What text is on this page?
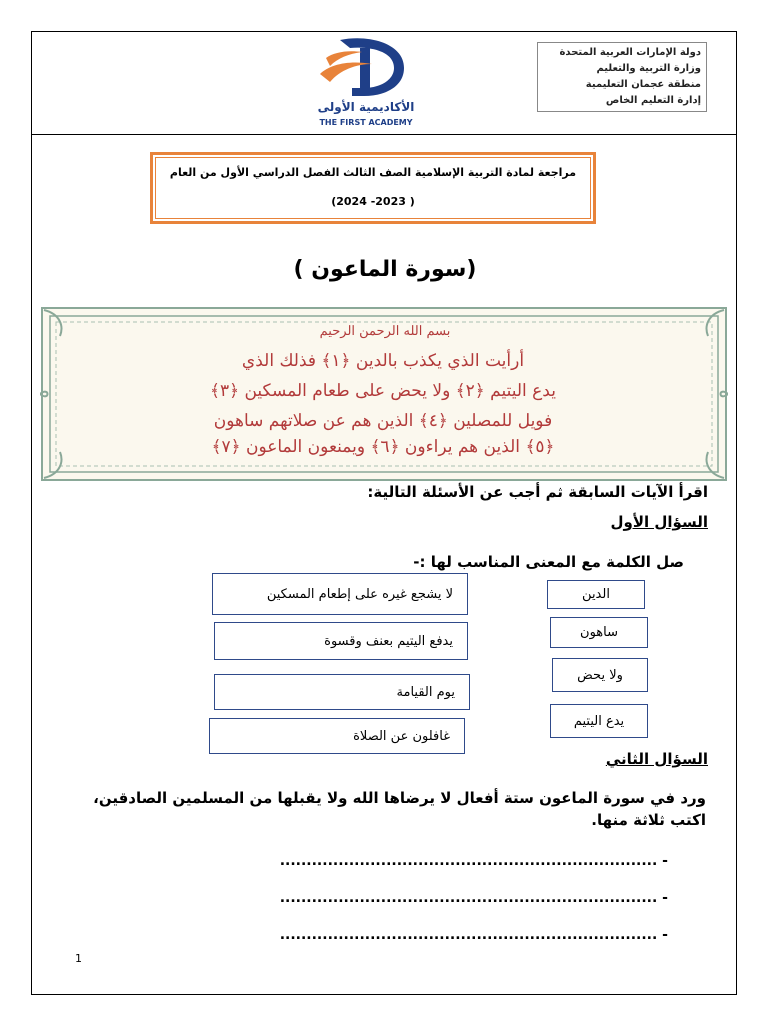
دولة الإمارات العربية المتحدة
وزارة التربية والتعليم
منطقة عجمان التعليمية
إدارة التعليم الخاص
الأكاديمية الأولى
THE FIRST ACADEMY
مراجعة لمادة التربية الإسلامية الصف الثالث الفصل الدراسي الأول من العام
( 2023- 2024)
(سورة الماعون )
بسم الله الرحمن الرحيم
أرأيت الذي يكذب بالدين ﴿١﴾ فذلك الذي
يدع اليتيم ﴿٢﴾ ولا يحض على طعام المسكين ﴿٣﴾
فويل للمصلين ﴿٤﴾ الذين هم عن صلاتهم ساهون
﴿٥﴾ الذين هم يراءون ﴿٦﴾ ويمنعون الماعون ﴿٧﴾
اقرأ الآيات السابقة ثم أجب عن الأسئلة التالية:
السؤال الأول
صل الكلمة مع المعنى المناسب لها :-
الدين
ساهون
ولا يحض
يدع اليتيم
لا يشجع غيره على إطعام المسكين
يدفع اليتيم بعنف وقسوة
يوم القيامة
غافلون عن الصلاة
السؤال الثاني
ورد في سورة الماعون ستة أفعال لا يرضاها الله ولا يقبلها من المسلمين الصادقين، اكتب ثلاثة منها.
- .......................................................................
- .......................................................................
- .......................................................................
1
